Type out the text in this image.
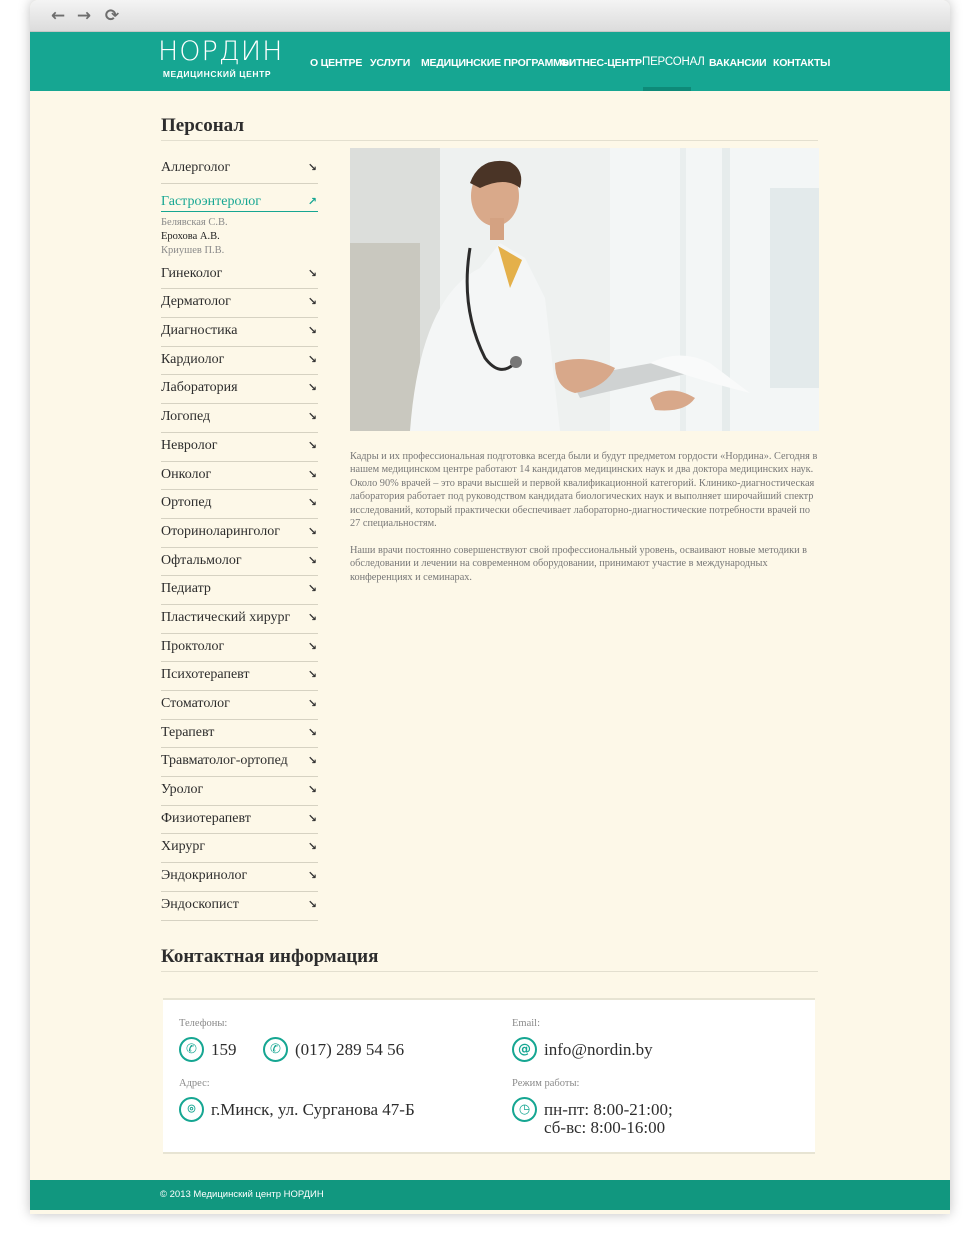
← → ⟳
НОРДИН
МЕДИЦИНСКИЙ ЦЕНТР
О ЦЕНТРЕ УСЛУГИ МЕДИЦИНСКИЕ ПРОГРАММЫ
ФИТНЕС-ЦЕНТР ПЕРСОНАЛ ВАКАНСИИ КОНТАКТЫ
Персонал
Аллерголог	↘
Гастроэнтеролог	↗
Белявская С.В.
Ерохова А.В.
Криушев П.В.
Гинеколог	↘
Дерматолог	↘
Диагностика	↘
Кардиолог	↘
Лаборатория	↘
Логопед	↘
Невролог	↘
Онколог	↘
Ортопед	↘
Оториноларинголог	↘
Офтальмолог	↘
Педиатр	↘
Пластический хирург ↘
Проктолог	↘
Психотерапевт	↘
Стоматолог	↘
Терапевт	↘
Травматолог-ортопед ↘
Уролог	↘
Физиотерапевт	↘
Хирург	↘
Эндокринолог	↘
Эндоскопист	↘

Кадры и их профессиональная подготовка всегда были и будут предметом гордости «Нордина». Сегодня в нашем медицинском центре работают 14 кандидатов медицинских наук и два доктора медицинских наук. Около 90% врачей – это врачи высшей и первой квалификационной категорий. Клинико-диагностическая лаборатория работает под руководством кандидата биологических наук и выполняет широчайший спектр исследований, который практически обеспечивает лабораторно-диагностические потребности врачей по 27 специальностям.

Наши врачи постоянно совершенствуют свой профессиональный уровень, осваивают новые методики в обследовании и лечении на современном оборудовании, принимают участие в международных конференциях и семинарах.

Контактная информация
Телефоны:
✆ 159	✆ (017) 289 54 56
Email:
@ info@nordin.by
Адрес:
⌾ г.Минск, ул. Сурганова 47-Б
Режим работы:
◷ пн-пт: 8:00-21:00;
сб-вс: 8:00-16:00
© 2013 Медицинский центр НОРДИН
